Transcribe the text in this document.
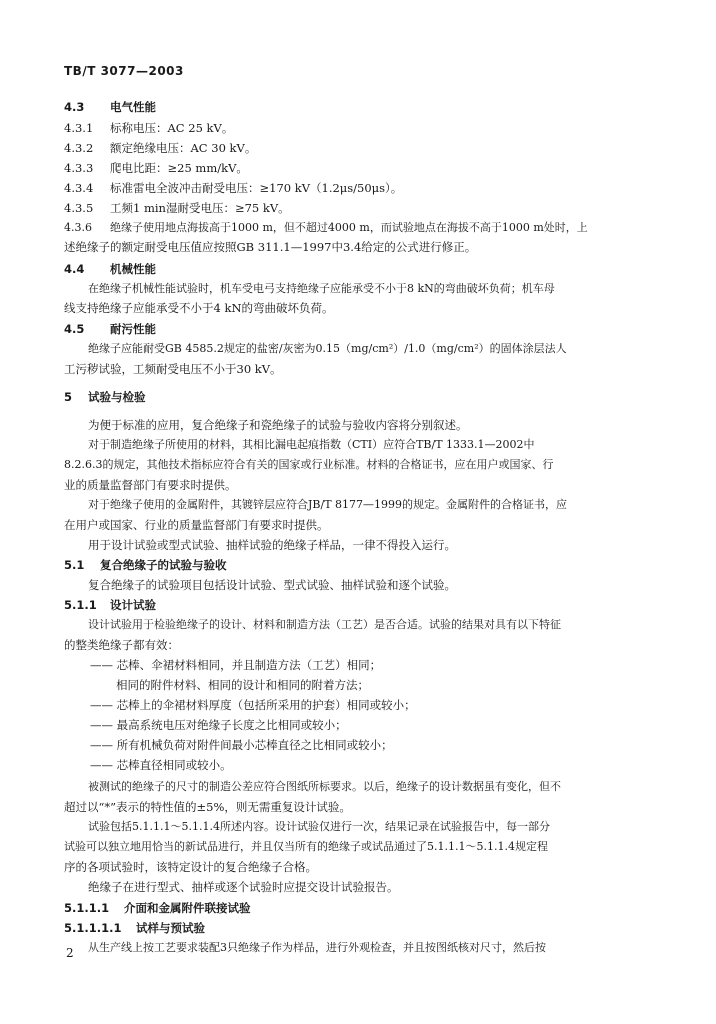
TB/T 3077—2003
4.3 电气性能
4.3.1 标称电压：AC 25 kV。
4.3.2 额定绝缘电压：AC 30 kV。
4.3.3 爬电比距：≥25 mm/kV。
4.3.4 标准雷电全波冲击耐受电压：≥170 kV（1.2μs/50μs）。
4.3.5 工频1 min湿耐受电压：≥75 kV。
4.3.6 绝缘子使用地点海拔高于1000 m，但不超过4000 m，而试验地点在海拔不高于1000 m处时，上
述绝缘子的额定耐受电压值应按照GB 311.1—1997中3.4给定的公式进行修正。
4.4 机械性能
在绝缘子机械性能试验时，机车受电弓支持绝缘子应能承受不小于8 kN的弯曲破坏负荷；机车母
线支持绝缘子应能承受不小于4 kN的弯曲破坏负荷。
4.5 耐污性能
绝缘子应能耐受GB 4585.2规定的盐密/灰密为0.15（mg/cm²）/1.0（mg/cm²）的固体涂层法人
工污秽试验，工频耐受电压不小于30 kV。
5 试验与检验
为便于标准的应用，复合绝缘子和瓷绝缘子的试验与验收内容将分别叙述。
对于制造绝缘子所使用的材料，其相比漏电起痕指数（CTI）应符合TB/T 1333.1—2002中
8.2.6.3的规定，其他技术指标应符合有关的国家或行业标准。材料的合格证书，应在用户或国家、行
业的质量监督部门有要求时提供。
对于绝缘子使用的金属附件，其镀锌层应符合JB/T 8177—1999的规定。金属附件的合格证书，应
在用户或国家、行业的质量监督部门有要求时提供。
用于设计试验或型式试验、抽样试验的绝缘子样品，一律不得投入运行。
5.1 复合绝缘子的试验与验收
复合绝缘子的试验项目包括设计试验、型式试验、抽样试验和逐个试验。
5.1.1 设计试验
设计试验用于检验绝缘子的设计、材料和制造方法（工艺）是否合适。试验的结果对具有以下特征
的整类绝缘子都有效：
—— 芯棒、伞裙材料相同，并且制造方法（工艺）相同；
相同的附件材料、相同的设计和相同的附着方法；
—— 芯棒上的伞裙材料厚度（包括所采用的护套）相同或较小；
—— 最高系统电压对绝缘子长度之比相同或较小；
—— 所有机械负荷对附件间最小芯棒直径之比相同或较小；
—— 芯棒直径相同或较小。
被测试的绝缘子的尺寸的制造公差应符合图纸所标要求。以后，绝缘子的设计数据虽有变化，但不
超过以“*”表示的特性值的±5%，则无需重复设计试验。
试验包括5.1.1.1～5.1.1.4所述内容。设计试验仅进行一次，结果记录在试验报告中，每一部分
试验可以独立地用恰当的新试品进行，并且仅当所有的绝缘子或试品通过了5.1.1.1～5.1.1.4规定程
序的各项试验时，该特定设计的复合绝缘子合格。
绝缘子在进行型式、抽样或逐个试验时应提交设计试验报告。
5.1.1.1 介面和金属附件联接试验
5.1.1.1.1 试样与预试验
从生产线上按工艺要求装配3只绝缘子作为样品，进行外观检查，并且按图纸核对尺寸，然后按
2
